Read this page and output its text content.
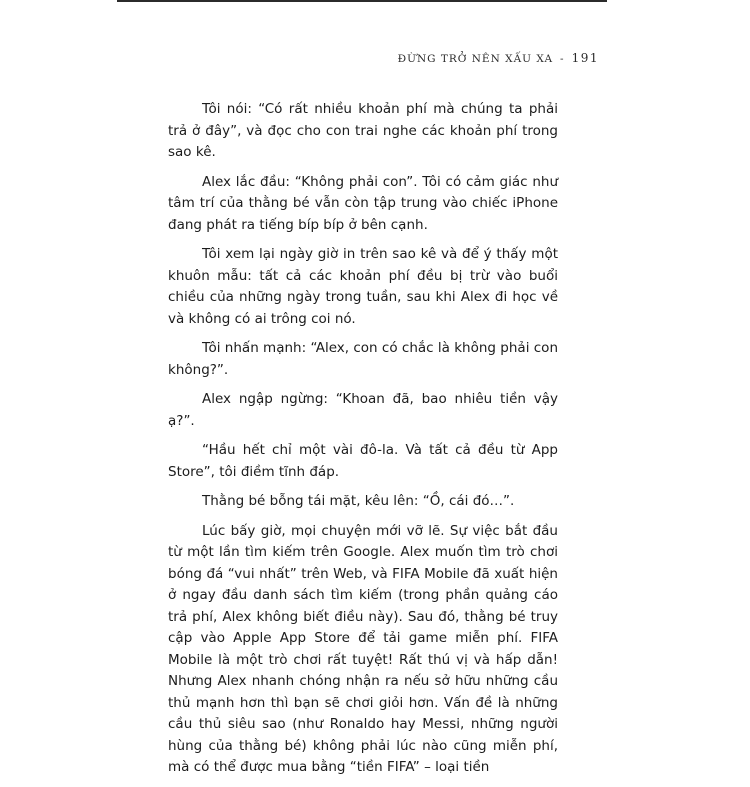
ĐỪNG TRỞ NÊN XẤU XA - 191

Tôi nói: “Có rất nhiều khoản phí mà chúng ta phải trả ở đây”, và đọc cho con trai nghe các khoản phí trong sao kê.

Alex lắc đầu: “Không phải con”. Tôi có cảm giác như tâm trí của thằng bé vẫn còn tập trung vào chiếc iPhone đang phát ra tiếng bíp bíp ở bên cạnh.

Tôi xem lại ngày giờ in trên sao kê và để ý thấy một khuôn mẫu: tất cả các khoản phí đều bị trừ vào buổi chiều của những ngày trong tuần, sau khi Alex đi học về và không có ai trông coi nó.

Tôi nhấn mạnh: “Alex, con có chắc là không phải con không?”.

Alex ngập ngừng: “Khoan đã, bao nhiêu tiền vậy ạ?”.

“Hầu hết chỉ một vài đô-la. Và tất cả đều từ App Store”, tôi điềm tĩnh đáp.

Thằng bé bỗng tái mặt, kêu lên: “Ồ, cái đó…”.

Lúc bấy giờ, mọi chuyện mới vỡ lẽ. Sự việc bắt đầu từ một lần tìm kiếm trên Google. Alex muốn tìm trò chơi bóng đá “vui nhất” trên Web, và FIFA Mobile đã xuất hiện ở ngay đầu danh sách tìm kiếm (trong phần quảng cáo trả phí, Alex không biết điều này). Sau đó, thằng bé truy cập vào Apple App Store để tải game miễn phí. FIFA Mobile là một trò chơi rất tuyệt! Rất thú vị và hấp dẫn! Nhưng Alex nhanh chóng nhận ra nếu sở hữu những cầu thủ mạnh hơn thì bạn sẽ chơi giỏi hơn. Vấn đề là những cầu thủ siêu sao (như Ronaldo hay Messi, những người hùng của thằng bé) không phải lúc nào cũng miễn phí, mà có thể được mua bằng “tiền FIFA” – loại tiền
